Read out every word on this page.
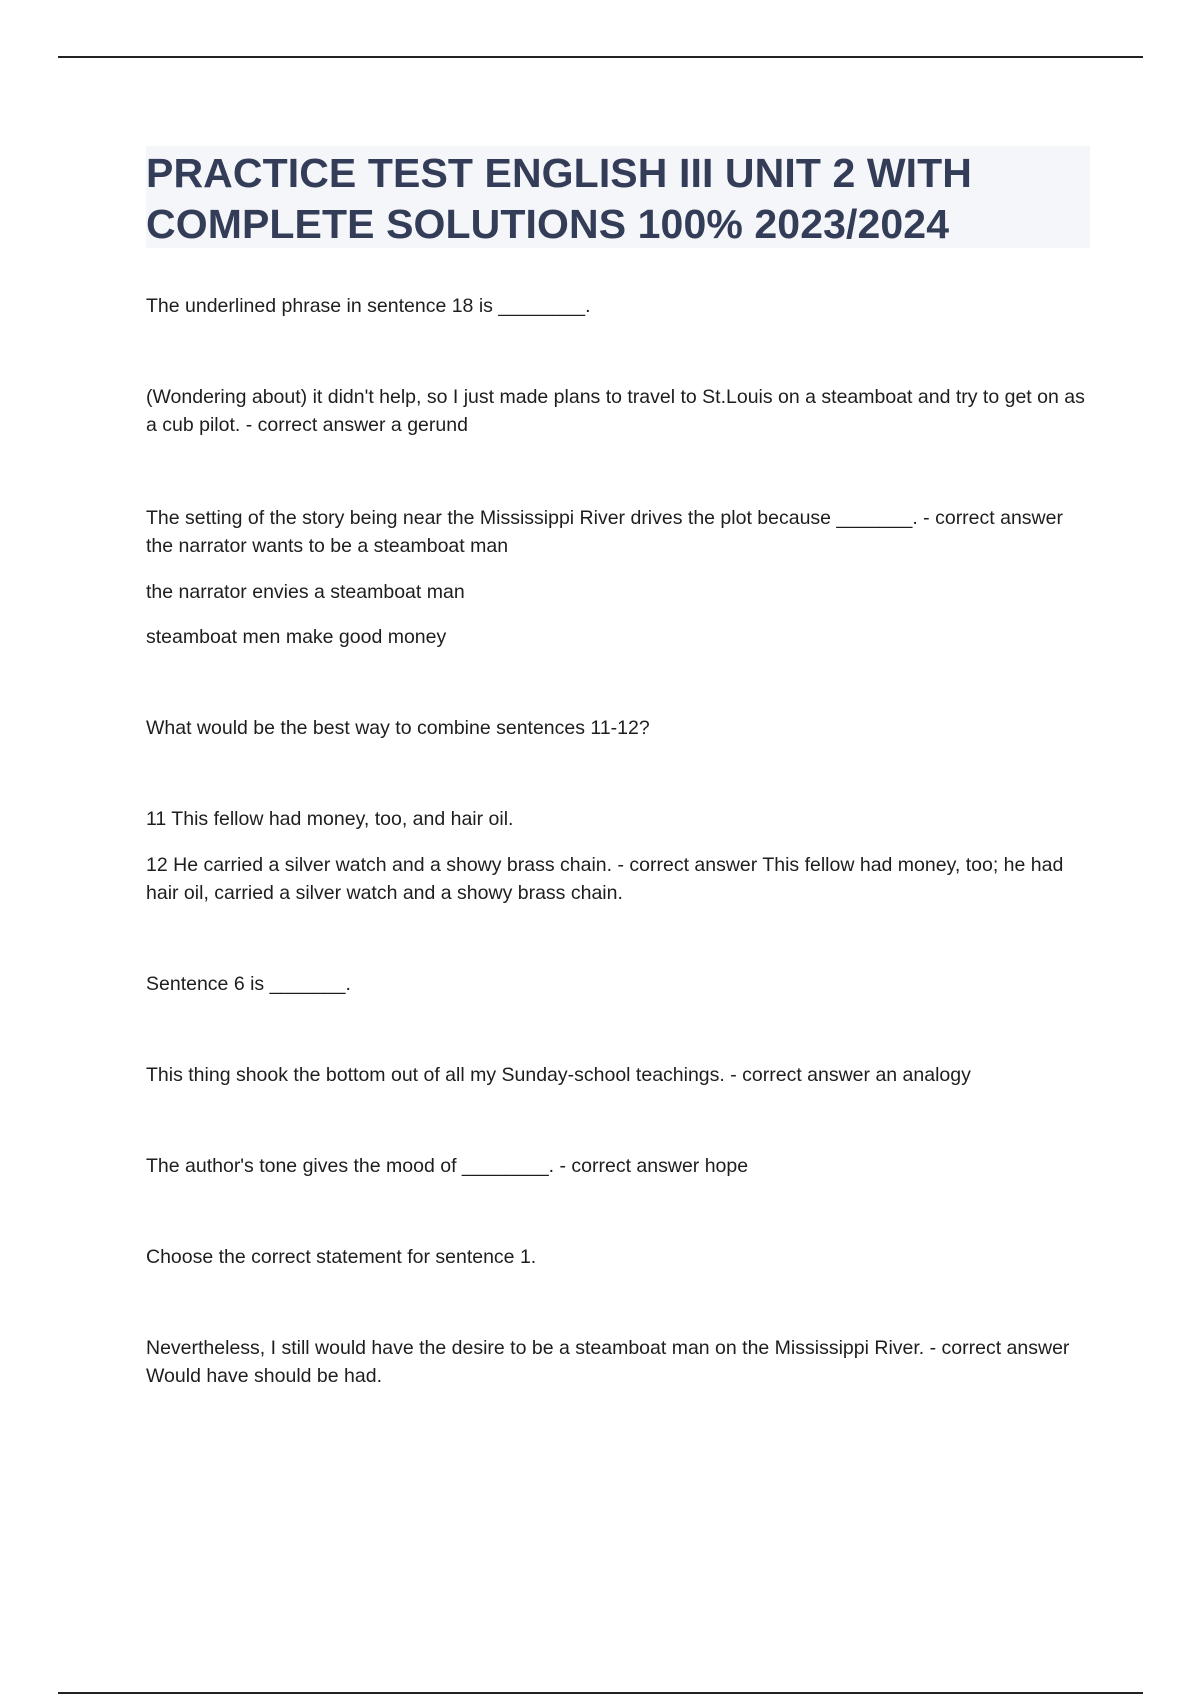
PRACTICE TEST ENGLISH III UNIT 2 WITH
COMPLETE SOLUTIONS 100% 2023/2024

The underlined phrase in sentence 18 is ________.

(Wondering about) it didn't help, so I just made plans to travel to St.Louis on a steamboat and try to get on as a cub pilot. - correct answer a gerund

The setting of the story being near the Mississippi River drives the plot because _______. - correct answer the narrator wants to be a steamboat man

the narrator envies a steamboat man

steamboat men make good money

What would be the best way to combine sentences 11-12?

11 This fellow had money, too, and hair oil.

12 He carried a silver watch and a showy brass chain. - correct answer This fellow had money, too; he had hair oil, carried a silver watch and a showy brass chain.

Sentence 6 is _______.

This thing shook the bottom out of all my Sunday-school teachings. - correct answer an analogy

The author's tone gives the mood of ________. - correct answer hope

Choose the correct statement for sentence 1.

Nevertheless, I still would have the desire to be a steamboat man on the Mississippi River. - correct answer Would have should be had.
